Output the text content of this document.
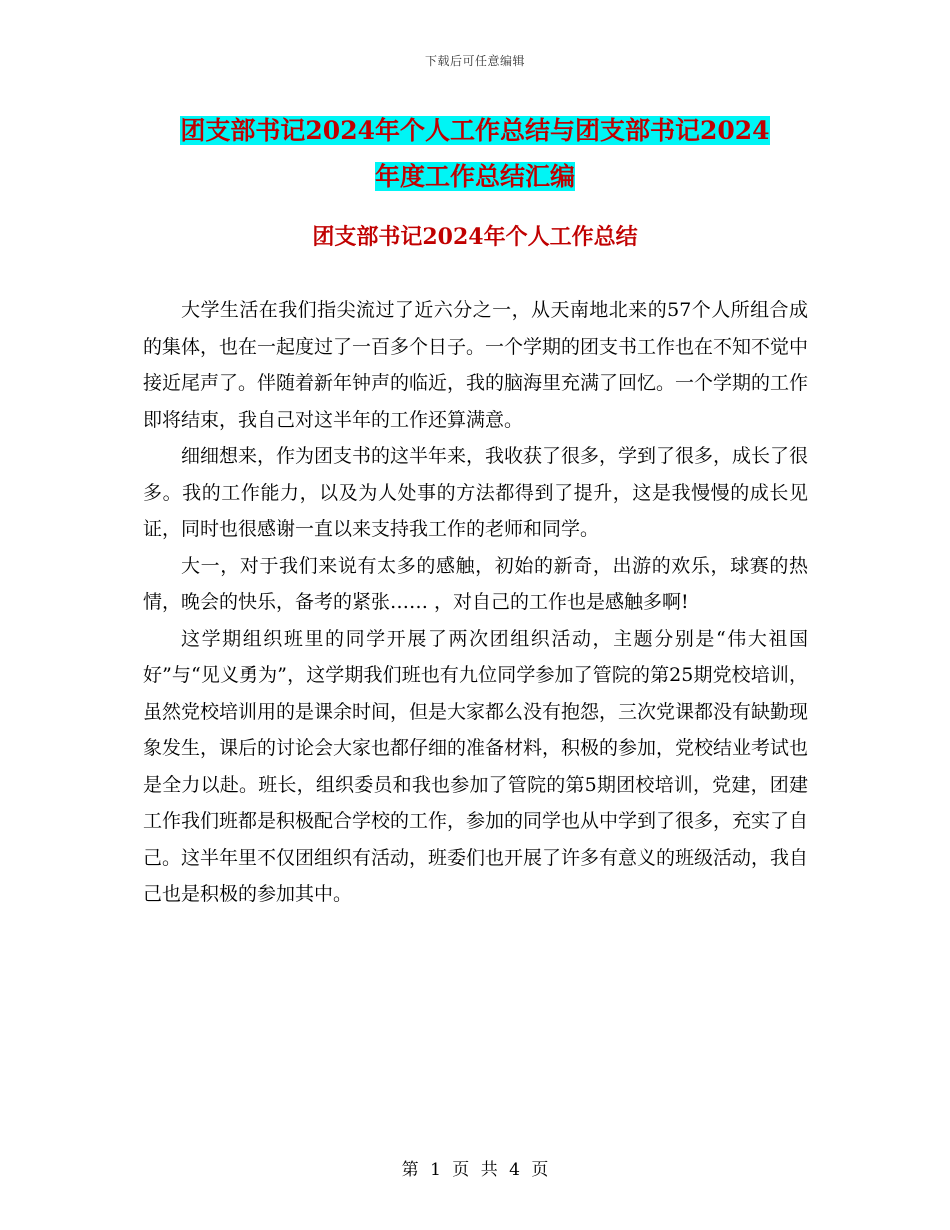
下载后可任意编辑
团支部书记2024年个人工作总结与团支部书记2024
年度工作总结汇编
团支部书记2024年个人工作总结

大学生活在我们指尖流过了近六分之一，从天南地北来的57个人所组合成的集体，也在一起度过了一百多个日子。一个学期的团支书工作也在不知不觉中接近尾声了。伴随着新年钟声的临近，我的脑海里充满了回忆。一个学期的工作即将结束，我自己对这半年的工作还算满意。

细细想来，作为团支书的这半年来，我收获了很多，学到了很多，成长了很多。我的工作能力，以及为人处事的方法都得到了提升，这是我慢慢的成长见证，同时也很感谢一直以来支持我工作的老师和同学。

大一，对于我们来说有太多的感触，初始的新奇，出游的欢乐，球赛的热情，晚会的快乐，备考的紧张…… ，对自己的工作也是感触多啊!

这学期组织班里的同学开展了两次团组织活动，主题分别是“伟大祖国好”与“见义勇为”，这学期我们班也有九位同学参加了管院的第25期党校培训，虽然党校培训用的是课余时间，但是大家都么没有抱怨，三次党课都没有缺勤现象发生，课后的讨论会大家也都仔细的准备材料，积极的参加，党校结业考试也是全力以赴。班长，组织委员和我也参加了管院的第5期团校培训，党建，团建工作我们班都是积极配合学校的工作，参加的同学也从中学到了很多，充实了自己。这半年里不仅团组织有活动，班委们也开展了许多有意义的班级活动，我自己也是积极的参加其中。

第 1 页 共 4 页
